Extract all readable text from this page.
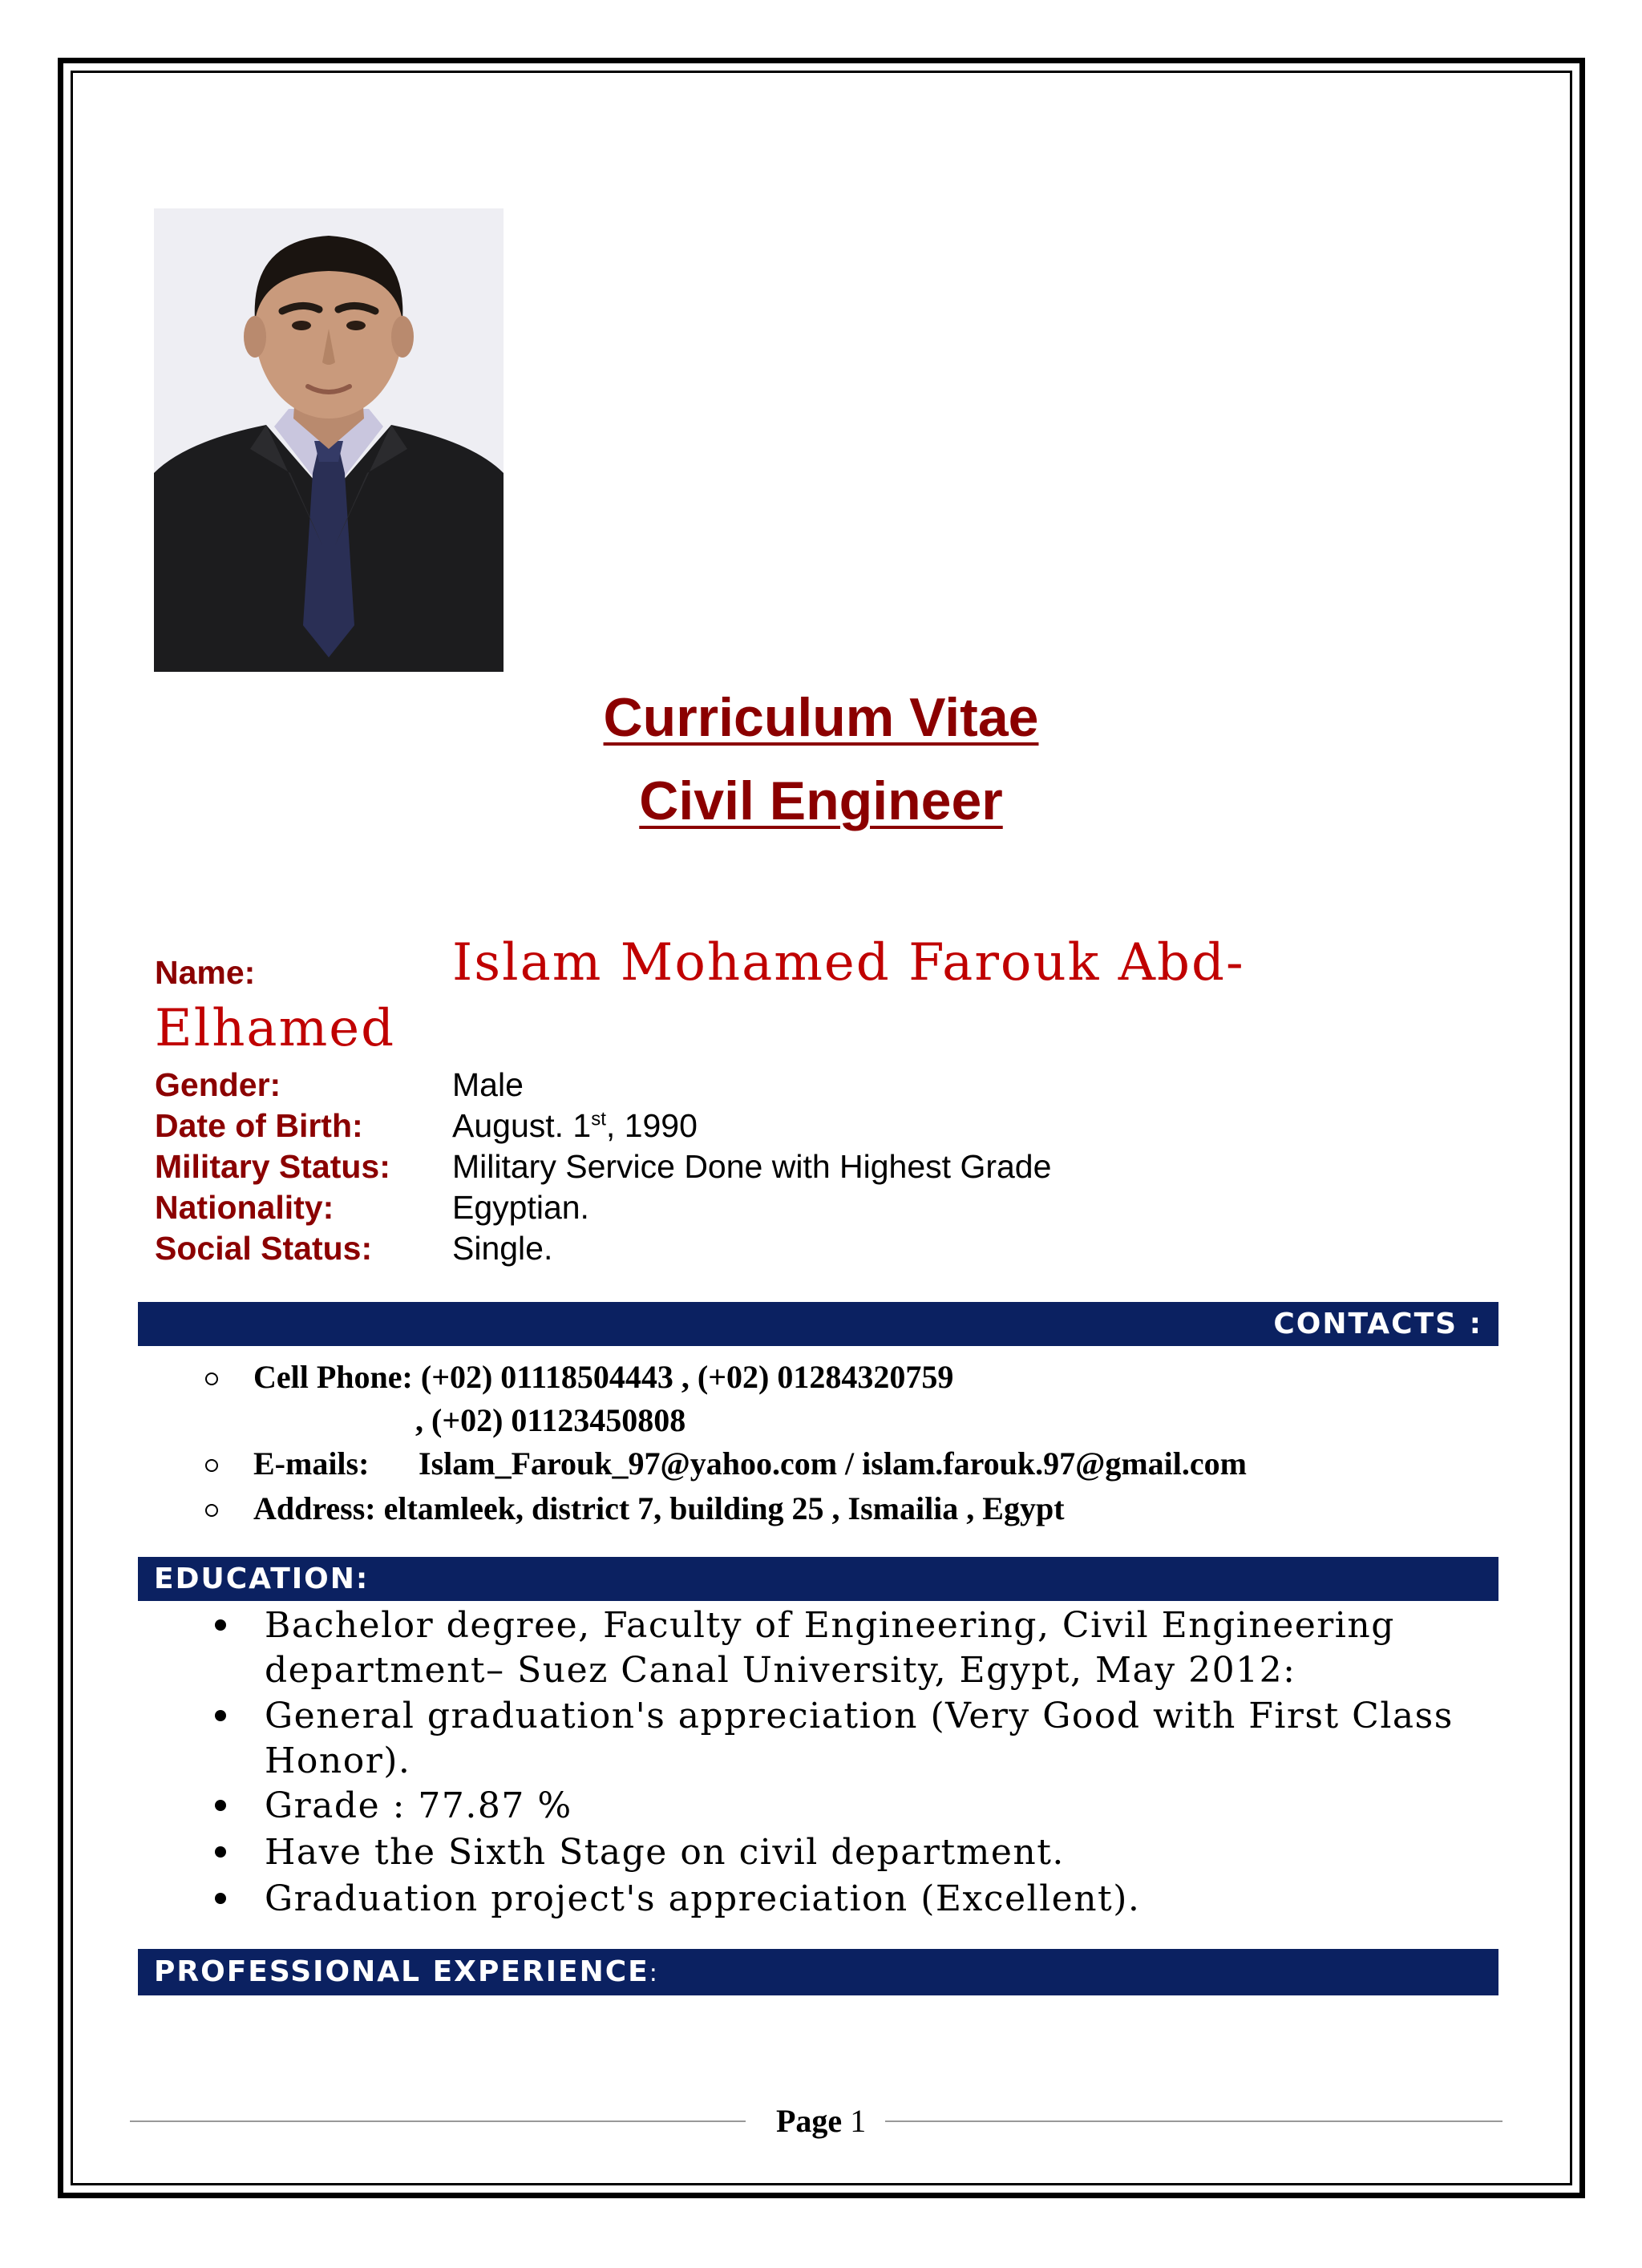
Curriculum Vitae
Civil Engineer
Name:	Islam Mohamed Farouk Abd-Elhamed
Gender:	Male
Date of Birth:	August. 1st, 1990
Military Status: Military Service Done with Highest Grade
Nationality:	Egyptian.
Social Status: Single.
CONTACTS :
Cell Phone: (+02) 01118504443 , (+02) 01284320759
, (+02) 01123450808
E-mails: Islam_Farouk_97@yahoo.com / islam.farouk.97@gmail.com
Address: eltamleek, district 7, building 25 , Ismailia , Egypt
EDUCATION:
Bachelor degree, Faculty of Engineering, Civil Engineering department– Suez Canal University, Egypt, May 2012:
General graduation's appreciation (Very Good with First Class Honor).
Grade : 77.87 %
Have the Sixth Stage on civil department.
Graduation project's appreciation (Excellent).
PROFESSIONAL EXPERIENCE:
Page 1
